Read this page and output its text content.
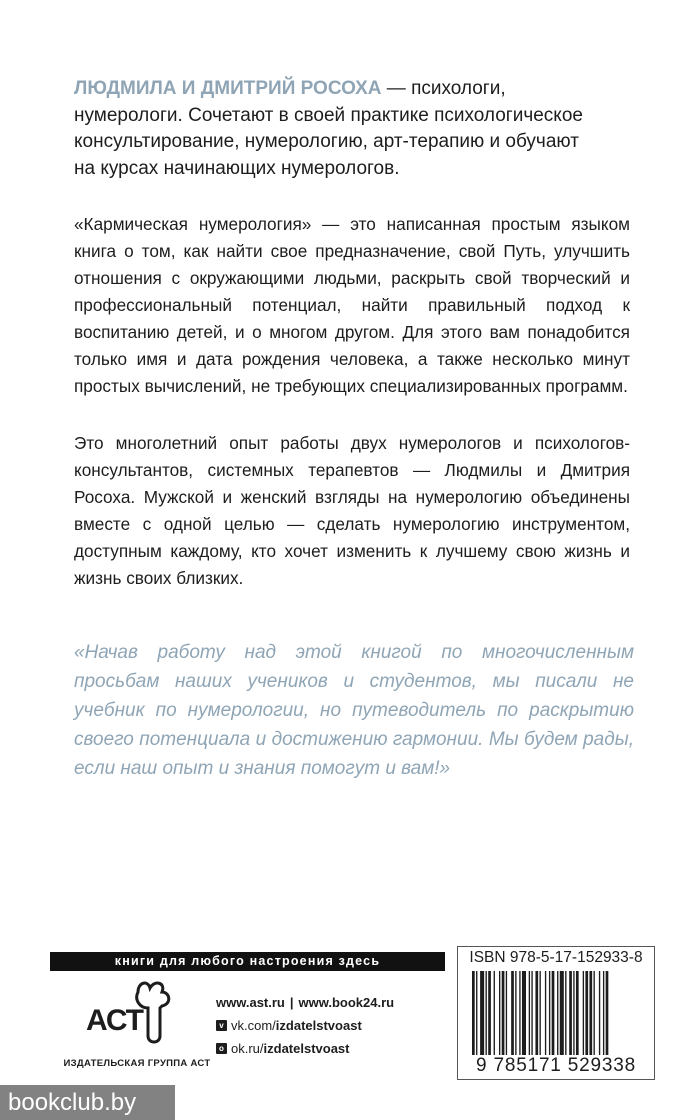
ЛЮДМИЛА И ДМИТРИЙ РОСОХА — психологи, нумерологи. Сочетают в своей практике психологическое консультирование, нумерологию, арт-терапию и обучают на курсах начинающих нумерологов.

«Кармическая нумерология» — это написанная простым языком книга о том, как найти свое предназначение, свой Путь, улучшить отношения с окружающими людьми, раскрыть свой творческий и профессиональный потенциал, найти правильный подход к воспитанию детей, и о многом другом. Для этого вам понадобится только имя и дата рождения человека, а также несколько минут простых вычислений, не требующих специализированных программ.

Это многолетний опыт работы двух нумерологов и психологов-консультантов, системных терапевтов — Людмилы и Дмитрия Росоха. Мужской и женский взгляды на нумерологию объединены вместе с одной целью — сделать нумерологию инструментом, доступным каждому, кто хочет изменить к лучшему свою жизнь и жизнь своих близких.

«Начав работу над этой книгой по многочисленным просьбам наших учеников и студентов, мы писали не учебник по нумерологии, но путеводитель по раскрытию своего потенциала и достижению гармонии. Мы будем рады, если наш опыт и знания помогут и вам!»

книги для любого настроения здесь
ACT
ИЗДАТЕЛЬСКАЯ ГРУППА АСТ
www.ast.ru | www.book24.ru
v vk.com/ izdatelstvoast
o ok.ru/ izdatelstvoast
ISBN 978-5-17-152933-8
9 785171 529338
bookclub.by
